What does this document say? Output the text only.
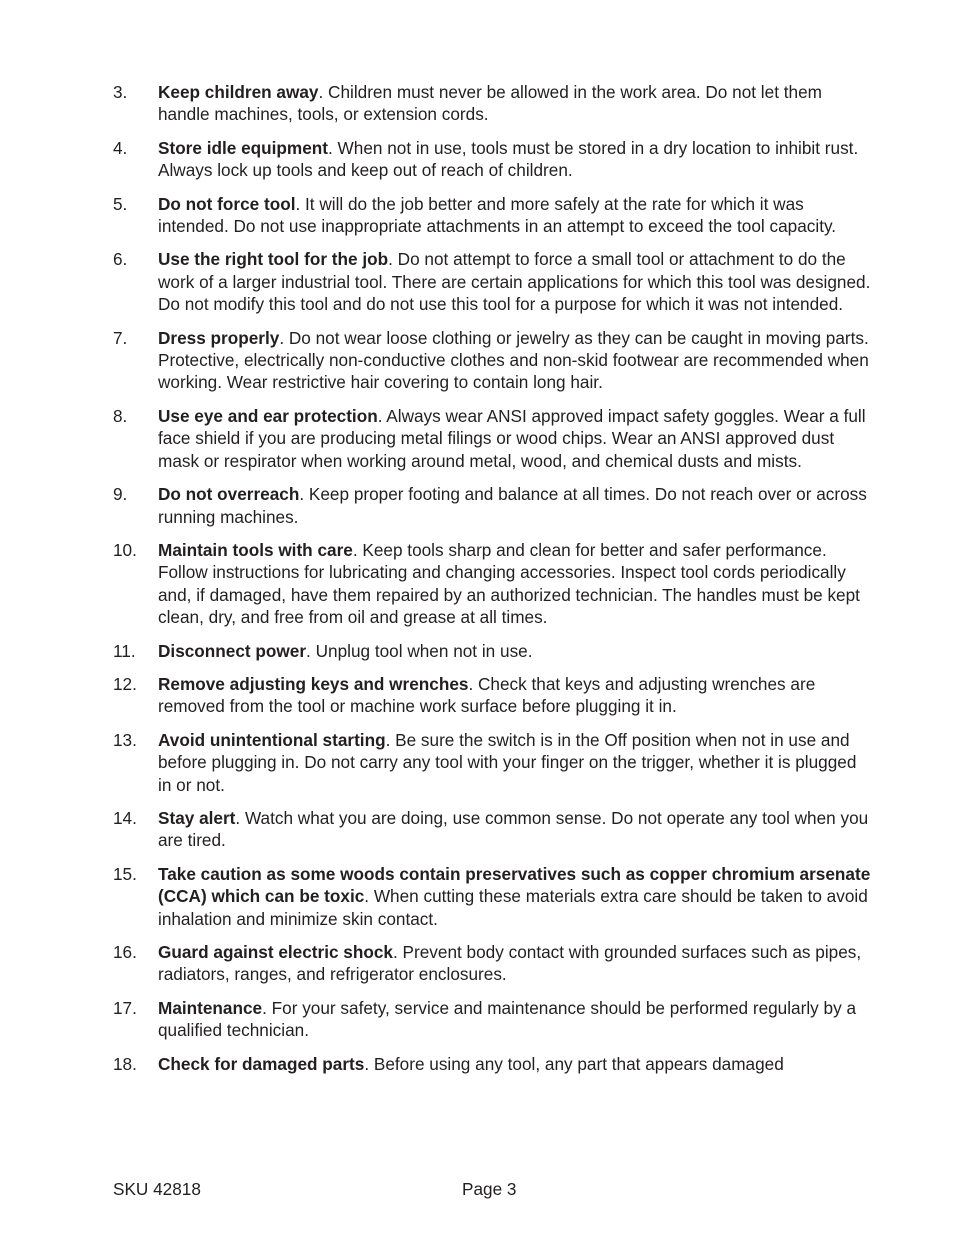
3. Keep children away. Children must never be allowed in the work area. Do not let them handle machines, tools, or extension cords.
4. Store idle equipment. When not in use, tools must be stored in a dry location to inhibit rust. Always lock up tools and keep out of reach of children.
5. Do not force tool. It will do the job better and more safely at the rate for which it was intended. Do not use inappropriate attachments in an attempt to exceed the tool capacity.
6. Use the right tool for the job. Do not attempt to force a small tool or attachment to do the work of a larger industrial tool. There are certain applications for which this tool was designed. Do not modify this tool and do not use this tool for a purpose for which it was not intended.
7. Dress properly. Do not wear loose clothing or jewelry as they can be caught in moving parts. Protective, electrically non-conductive clothes and non-skid footwear are recommended when working. Wear restrictive hair covering to contain long hair.
8. Use eye and ear protection. Always wear ANSI approved impact safety goggles. Wear a full face shield if you are producing metal filings or wood chips. Wear an ANSI approved dust mask or respirator when working around metal, wood, and chemical dusts and mists.
9. Do not overreach. Keep proper footing and balance at all times. Do not reach over or across running machines.
10. Maintain tools with care. Keep tools sharp and clean for better and safer performance. Follow instructions for lubricating and changing accessories. Inspect tool cords periodically and, if damaged, have them repaired by an authorized technician. The handles must be kept clean, dry, and free from oil and grease at all times.
11. Disconnect power. Unplug tool when not in use.
12. Remove adjusting keys and wrenches. Check that keys and adjusting wrenches are removed from the tool or machine work surface before plugging it in.
13. Avoid unintentional starting. Be sure the switch is in the Off position when not in use and before plugging in. Do not carry any tool with your finger on the trigger, whether it is plugged in or not.
14. Stay alert. Watch what you are doing, use common sense. Do not operate any tool when you are tired.
15. Take caution as some woods contain preservatives such as copper chromium arsenate (CCA) which can be toxic. When cutting these materials extra care should be taken to avoid inhalation and minimize skin contact.
16. Guard against electric shock. Prevent body contact with grounded surfaces such as pipes, radiators, ranges, and refrigerator enclosures.
17. Maintenance. For your safety, service and maintenance should be performed regularly by a qualified technician.
18. Check for damaged parts. Before using any tool, any part that appears damaged
SKU 42818	Page 3
